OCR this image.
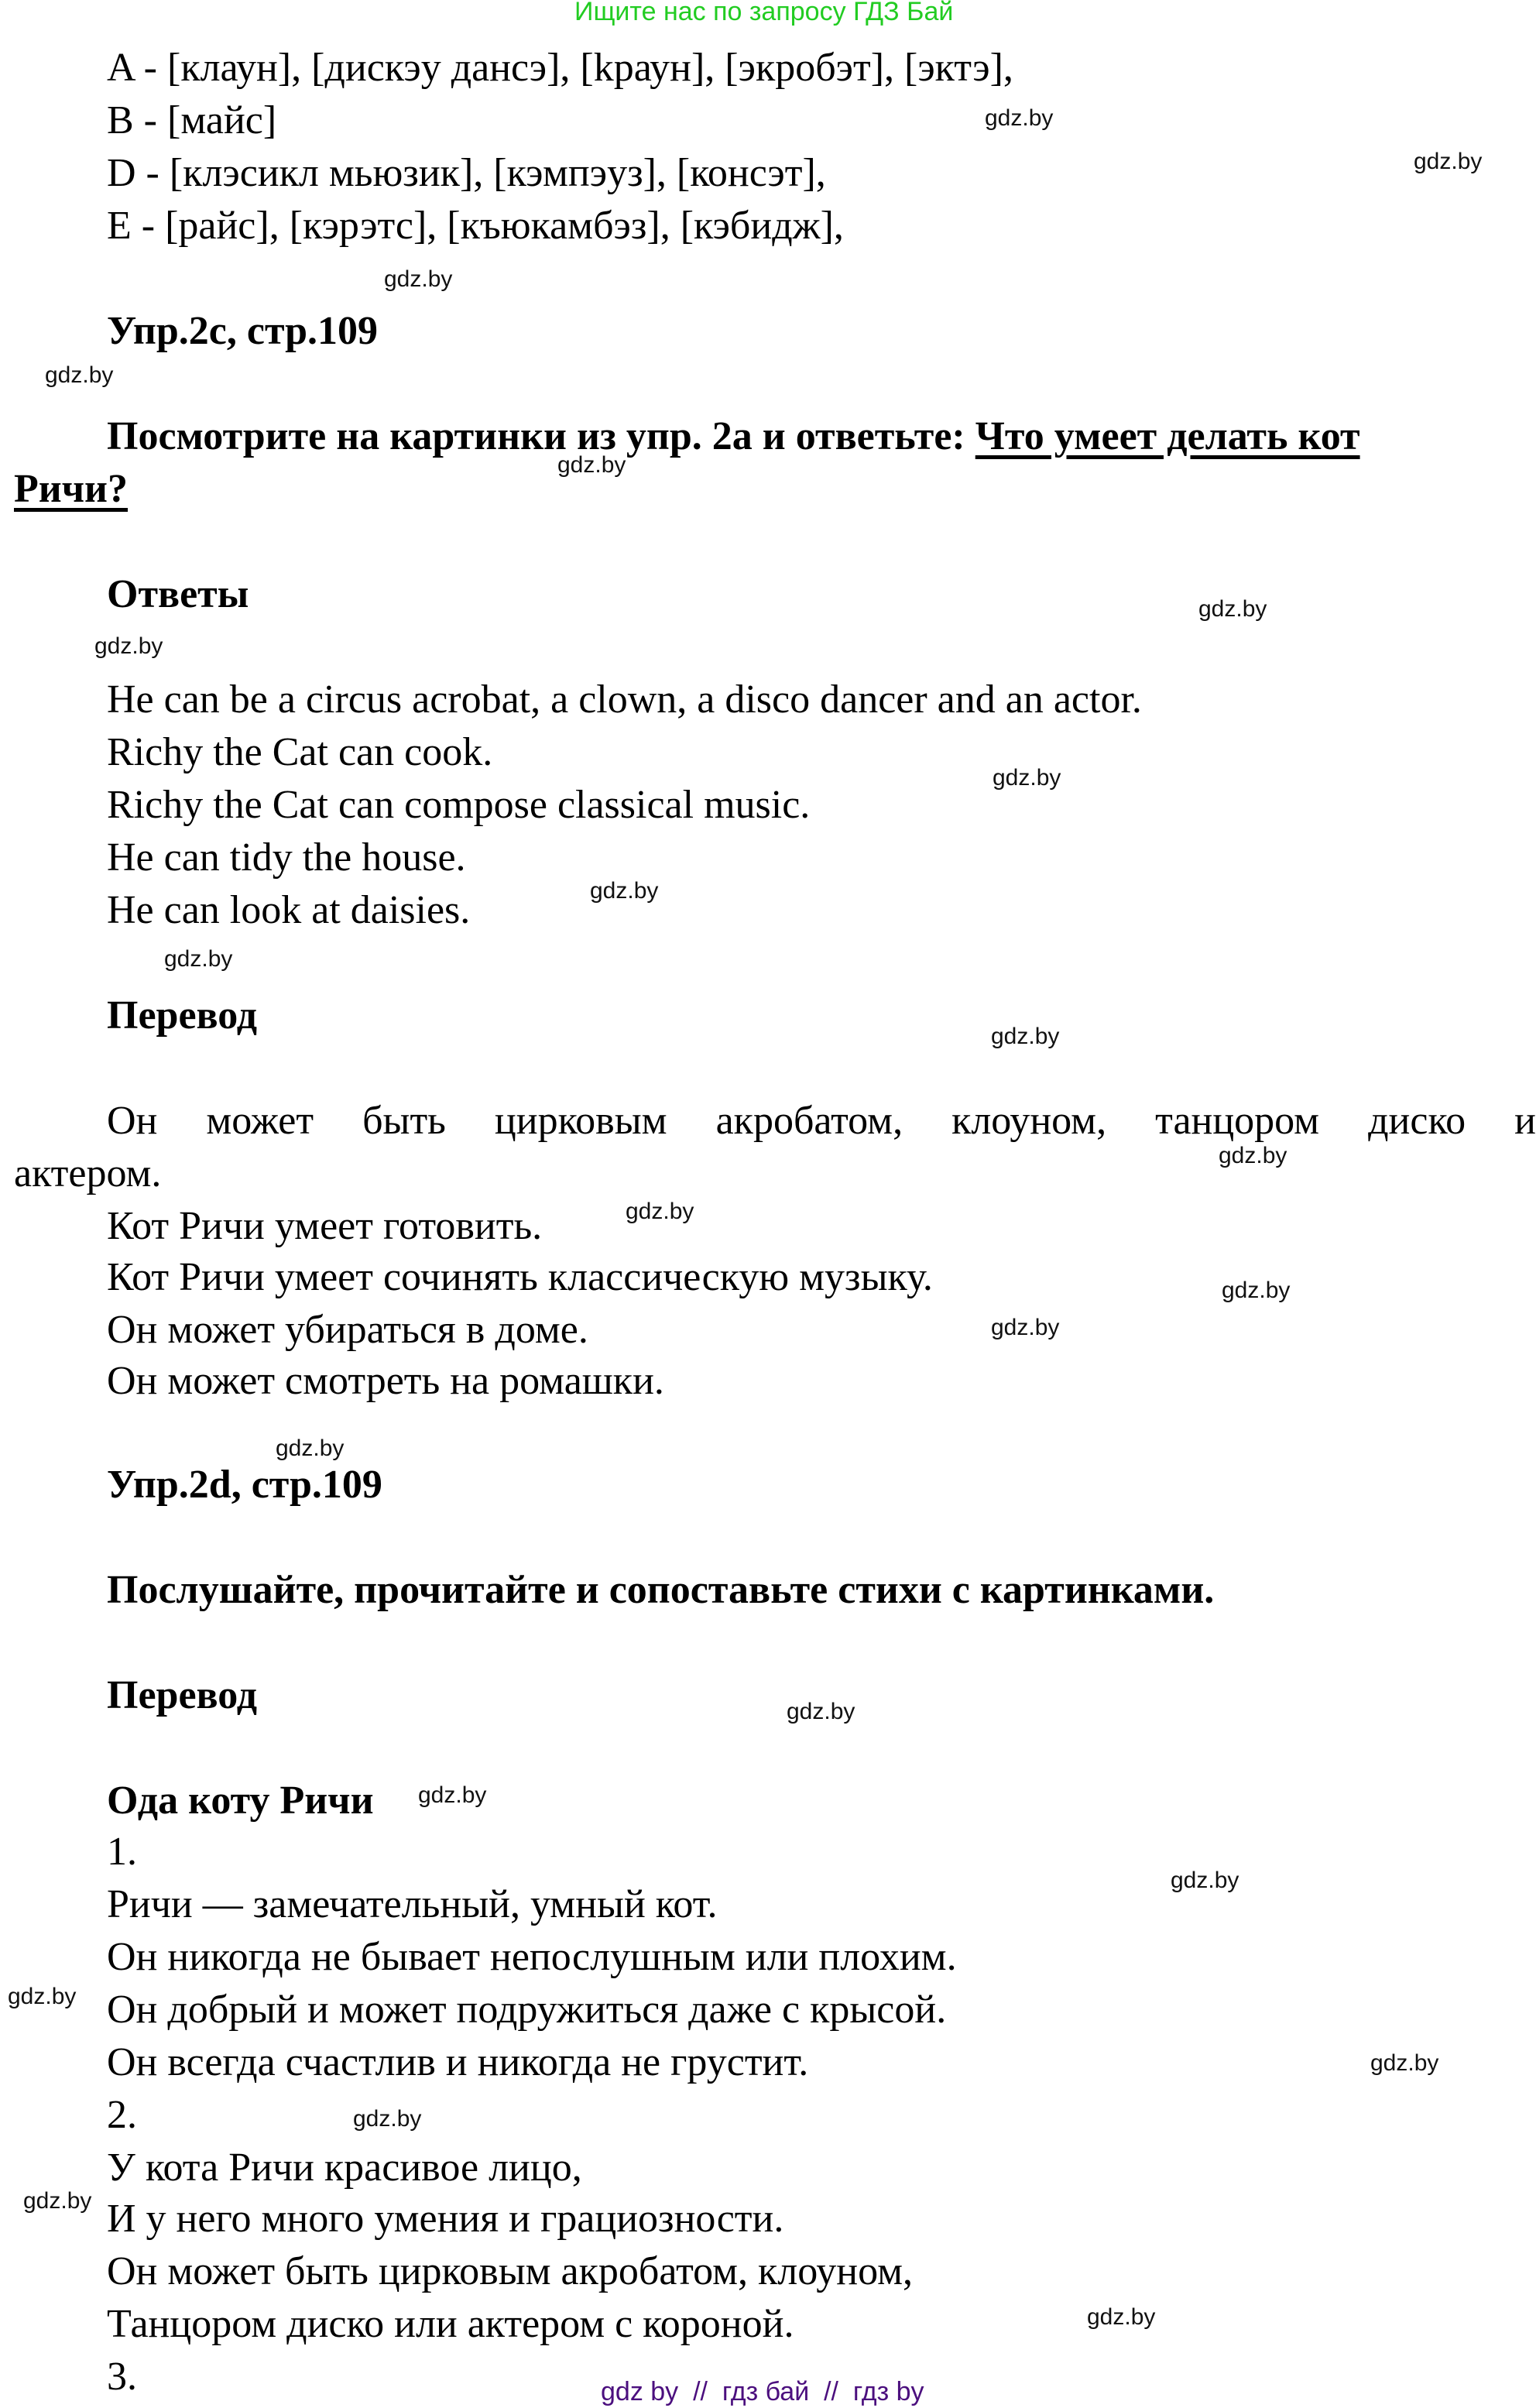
Ищите нас по запросу ГДЗ Бай
A - [клаун], [дискэу дансэ], [kраун], [экробэт], [эктэ],
B - [майс]
D - [клэсикл мьюзик], [кэмпэуз], [консэт],
E - [райс], [кэрэтс], [къюкамбэз], [кэбидж],
Упр.2c, стр.109
Посмотрите на картинки из упр. 2a и ответьте: Что умеет делать кот
Ричи?
Ответы
He can be a circus acrobat, a clown, a disco dancer and an actor.
Richy the Cat can cook.
Richy the Cat can compose classical music.
He can tidy the house.
He can look at daisies.
Перевод
Он может быть цирковым акробатом, клоуном, танцором диско и
актером.
Кот Ричи умеет готовить.
Кот Ричи умеет сочинять классическую музыку.
Он может убираться в доме.
Он может смотреть на ромашки.
Упр.2d, стр.109
Послушайте, прочитайте и сопоставьте стихи с картинками.
Перевод
Ода коту Ричи
1.
Ричи — замечательный, умный кот.
Он никогда не бывает непослушным или плохим.
Он добрый и может подружиться даже с крысой.
Он всегда счастлив и никогда не грустит.
2.
У кота Ричи красивое лицо,
И у него много умения и грациозности.
Он может быть цирковым акробатом, клоуном,
Танцором диско или актером с короной.
3.
gdz.by
gdz.by
gdz.by
gdz.by
gdz.by
gdz.by
gdz.by
gdz.by
gdz.by
gdz.by
gdz.by
gdz.by
gdz.by
gdz.by
gdz.by
gdz.by
gdz.by
gdz.by
gdz.by
gdz.by
gdz.by
gdz.by
gdz.by
gdz.by
gdz by  //  гдз бай  //  гдз by
